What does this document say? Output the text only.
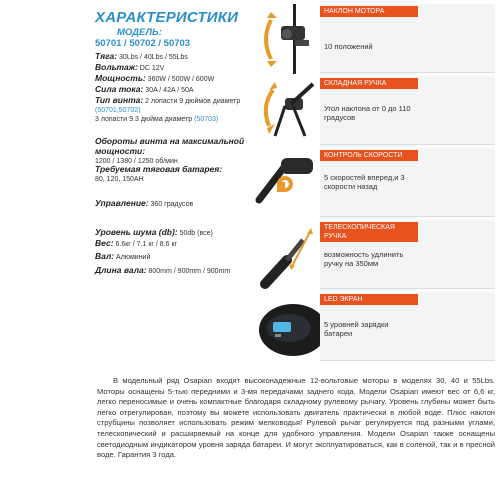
ХАРАКТЕРИСТИКИ
МОДЕЛЬ:
50701 / 50702 / 50703
Тяга: 30Lbs / 40Lbs / 55Lbs
Вольтаж: DC 12V
Мощность: 360W / 500W / 600W
Сила тока: 30A / 42A / 50A
Тип винта: 2 лопасти 9 дюймов диаметр (50701,50702)
3 лопасти 9.3 дюйма диаметр (50703)
Обороты винта на максимальной мощности:
1200 / 1380 / 1250 об/мин
Требуемая тяговая батарея:
80, 120, 150AH
Управление: 360 градусов
Уровень шума (db): 50db (все)
Вес: 6.6кг / 7.1 кг / 8.6 кг
Вал: Алюминий
Длина вала: 800mm / 900mm / 900mm
НАКЛОН МОТОРА
10 положений
СКЛАДНАЯ РУЧКА
Угол наклона от 0 до 110 градусов
КОНТРОЛЬ СКОРОСТИ
5 скоростей вперед,и 3 скорости назад
ТЕЛЕСКОПИЧЕСКАЯ РУЧКА
возможность удлинить ручку на 350мм
LED ЭКРАН
5 уровней зарядки батареи
В модельный ряд Osapian входят высоконадежные 12-вольтовые моторы в моделях 30, 40 и 55Lbs. Моторы оснащены 5-тью передними и 3-мя передачами заднего хода. Модели Osapian имеют вес от 6,6 кг, легко переносимые и очень компактные благодаря складному рулевому рычагу. Уровень глубины может быть легко отрегулирован, поэтому вы можете использовать двигатель практически в любой воде. Плюс наклон струбцины позволяет использовать режим мелководья! Рулевой рычаг регулируется под разными углами, телескопический и расширяемый на конце для удобного управления. Модели Osapian также оснащены светодиодным индикатором уровня заряда батареи. И могут эксплуатироваться, как в соленой, так и в пресной воде. Гарантия 3 года.
